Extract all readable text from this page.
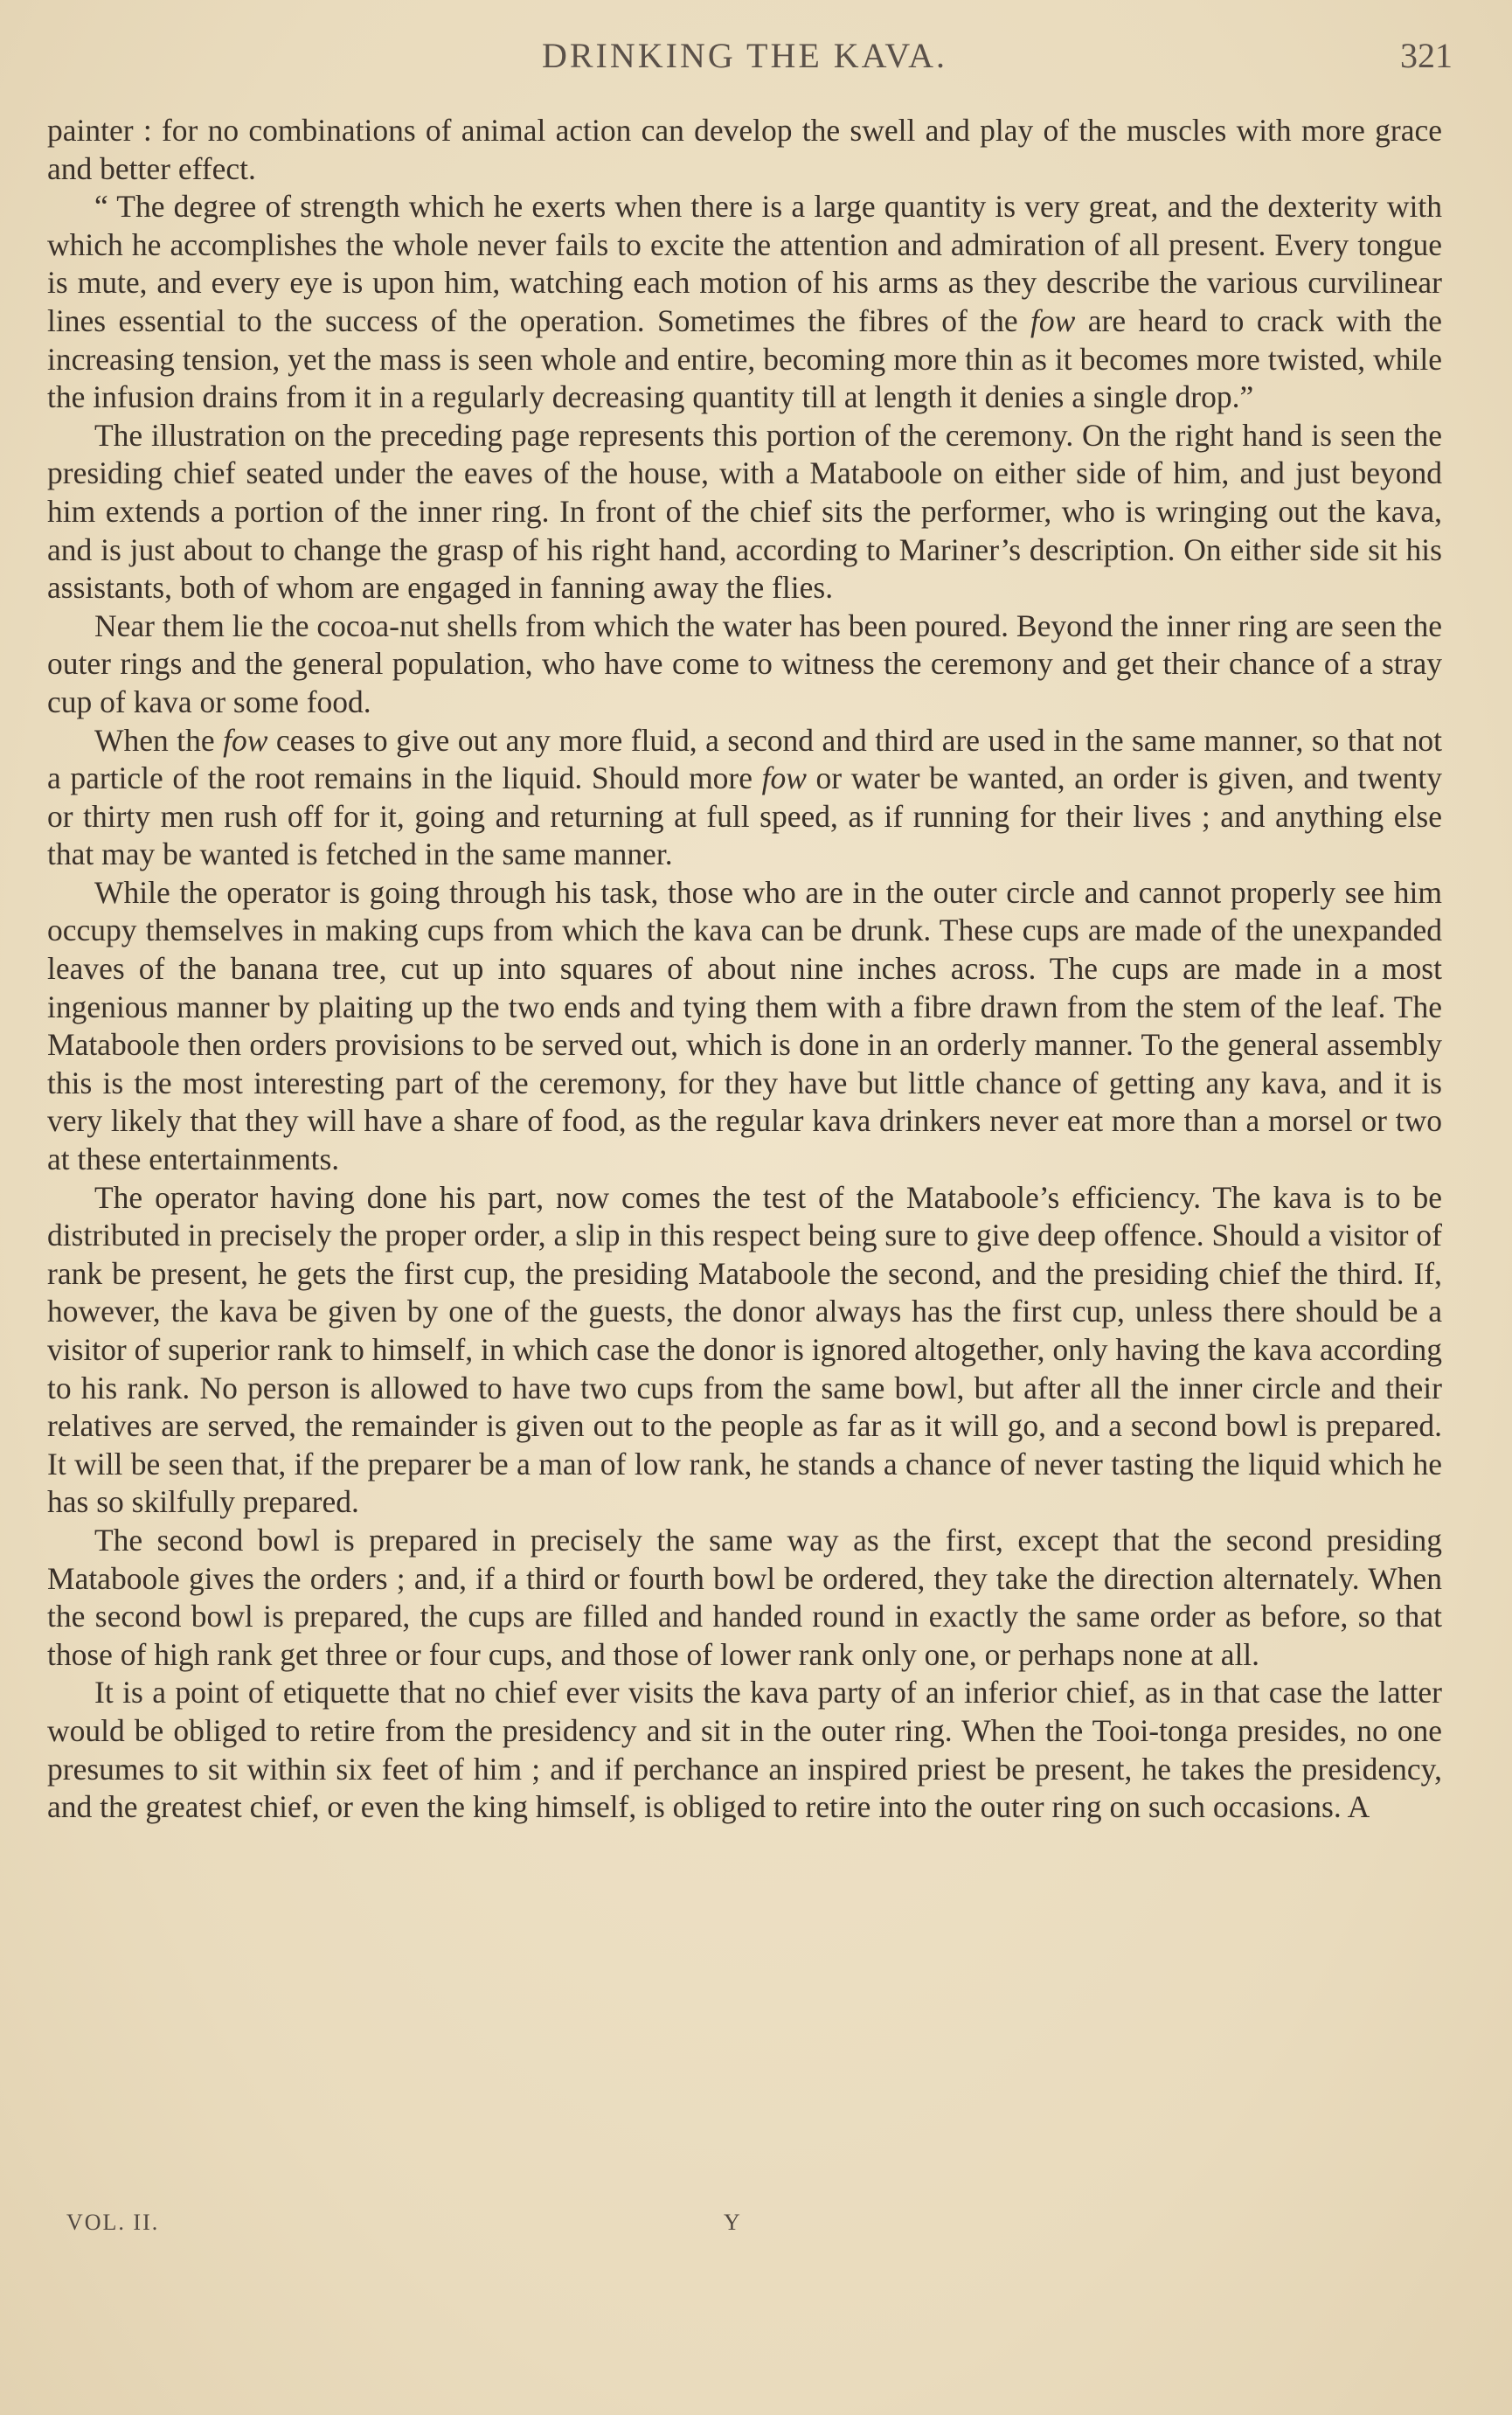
DRINKING THE KAVA.	321

painter : for no combinations of animal action can develop the swell and play of the muscles with more grace and better effect.

“ The degree of strength which he exerts when there is a large quantity is very great, and the dexterity with which he accomplishes the whole never fails to excite the attention and admiration of all present. Every tongue is mute, and every eye is upon him, watching each motion of his arms as they describe the various curvilinear lines essential to the success of the operation. Sometimes the fibres of the fow are heard to crack with the increasing tension, yet the mass is seen whole and entire, becoming more thin as it becomes more twisted, while the infusion drains from it in a regularly decreasing quantity till at length it denies a single drop.”

The illustration on the preceding page represents this portion of the ceremony. On the right hand is seen the presiding chief seated under the eaves of the house, with a Mataboole on either side of him, and just beyond him extends a portion of the inner ring. In front of the chief sits the performer, who is wringing out the kava, and is just about to change the grasp of his right hand, according to Mariner’s description. On either side sit his assistants, both of whom are engaged in fanning away the flies.

Near them lie the cocoa-nut shells from which the water has been poured. Beyond the inner ring are seen the outer rings and the general population, who have come to witness the ceremony and get their chance of a stray cup of kava or some food.

When the fow ceases to give out any more fluid, a second and third are used in the same manner, so that not a particle of the root remains in the liquid. Should more fow or water be wanted, an order is given, and twenty or thirty men rush off for it, going and returning at full speed, as if running for their lives ; and anything else that may be wanted is fetched in the same manner.

While the operator is going through his task, those who are in the outer circle and cannot properly see him occupy themselves in making cups from which the kava can be drunk. These cups are made of the unexpanded leaves of the banana tree, cut up into squares of about nine inches across. The cups are made in a most ingenious manner by plaiting up the two ends and tying them with a fibre drawn from the stem of the leaf. The Mataboole then orders provisions to be served out, which is done in an orderly manner. To the general assembly this is the most interesting part of the ceremony, for they have but little chance of getting any kava, and it is very likely that they will have a share of food, as the regular kava drinkers never eat more than a morsel or two at these entertainments.

The operator having done his part, now comes the test of the Mataboole’s efficiency. The kava is to be distributed in precisely the proper order, a slip in this respect being sure to give deep offence. Should a visitor of rank be present, he gets the first cup, the presiding Mataboole the second, and the presiding chief the third. If, however, the kava be given by one of the guests, the donor always has the first cup, unless there should be a visitor of superior rank to himself, in which case the donor is ignored altogether, only having the kava according to his rank. No person is allowed to have two cups from the same bowl, but after all the inner circle and their relatives are served, the remainder is given out to the people as far as it will go, and a second bowl is prepared. It will be seen that, if the preparer be a man of low rank, he stands a chance of never tasting the liquid which he has so skilfully prepared.

The second bowl is prepared in precisely the same way as the first, except that the second presiding Mataboole gives the orders ; and, if a third or fourth bowl be ordered, they take the direction alternately. When the second bowl is prepared, the cups are filled and handed round in exactly the same order as before, so that those of high rank get three or four cups, and those of lower rank only one, or perhaps none at all.

It is a point of etiquette that no chief ever visits the kava party of an inferior chief, as in that case the latter would be obliged to retire from the presidency and sit in the outer ring. When the Tooi-tonga presides, no one presumes to sit within six feet of him ; and if perchance an inspired priest be present, he takes the presidency, and the greatest chief, or even the king himself, is obliged to retire into the outer ring on such occasions. A

VOL. II.	Y
